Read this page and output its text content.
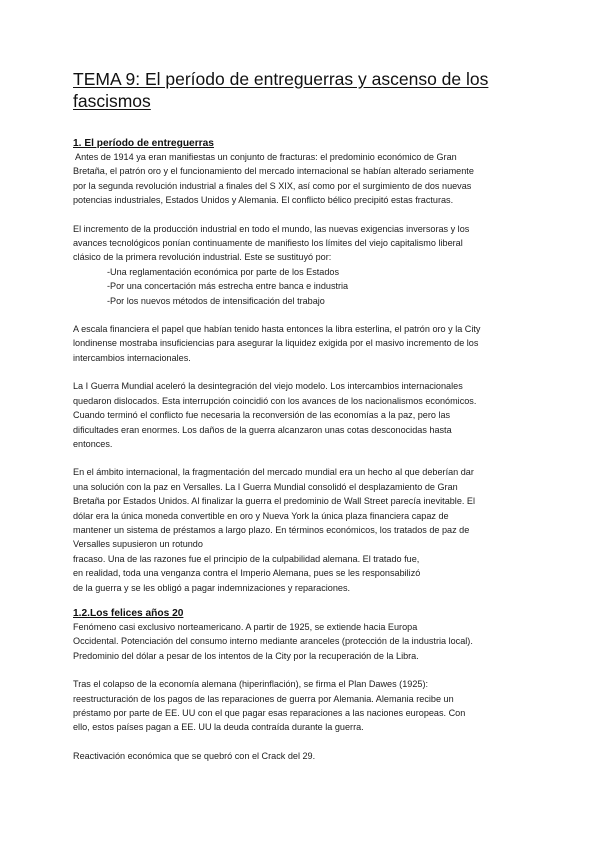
TEMA 9: El período de entreguerras y ascenso de los
fascismos
1. El período de entreguerras

Antes de 1914 ya eran manifiestas un conjunto de fracturas: el predominio económico de Gran
Bretaña, el patrón oro y el funcionamiento del mercado internacional se habían alterado seriamente
por la segunda revolución industrial a finales del S XIX, así como por el surgimiento de dos nuevas
potencias industriales, Estados Unidos y Alemania. El conflicto bélico precipitó estas fracturas.

El incremento de la producción industrial en todo el mundo, las nuevas exigencias inversoras y los
avances tecnológicos ponían continuamente de manifiesto los límites del viejo capitalismo liberal
clásico de la primera revolución industrial. Este se sustituyó por:
-Una reglamentación económica por parte de los Estados
-Por una concertación más estrecha entre banca e industria
-Por los nuevos métodos de intensificación del trabajo

A escala financiera el papel que habían tenido hasta entonces la libra esterlina, el patrón oro y la City
londinense mostraba insuficiencias para asegurar la liquidez exigida por el masivo incremento de los
intercambios internacionales.

La I Guerra Mundial aceleró la desintegración del viejo modelo. Los intercambios internacionales
quedaron dislocados. Esta interrupción coincidió con los avances de los nacionalismos económicos.
Cuando terminó el conflicto fue necesaria la reconversión de las economías a la paz, pero las
dificultades eran enormes. Los daños de la guerra alcanzaron unas cotas desconocidas hasta
entonces.

En el ámbito internacional, la fragmentación del mercado mundial era un hecho al que deberían dar
una solución con la paz en Versalles. La I Guerra Mundial consolidó el desplazamiento de Gran
Bretaña por Estados Unidos. Al finalizar la guerra el predominio de Wall Street parecía inevitable. El
dólar era la única moneda convertible en oro y Nueva York la única plaza financiera capaz de
mantener un sistema de préstamos a largo plazo. En términos económicos, los tratados de paz de
Versalles supusieron un rotundo
fracaso. Una de las razones fue el principio de la culpabilidad alemana. El tratado fue,
en realidad, toda una venganza contra el Imperio Alemana, pues se les responsabilizó
de la guerra y se les obligó a pagar indemnizaciones y reparaciones.

1.2.Los felices años 20

Fenómeno casi exclusivo norteamericano. A partir de 1925, se extiende hacia Europa
Occidental. Potenciación del consumo interno mediante aranceles (protección de la industria local).
Predominio del dólar a pesar de los intentos de la City por la recuperación de la Libra.

Tras el colapso de la economía alemana (hiperinflación), se firma el Plan Dawes (1925):
reestructuración de los pagos de las reparaciones de guerra por Alemania. Alemania recibe un
préstamo por parte de EE. UU con el que pagar esas reparaciones a las naciones europeas. Con
ello, estos países pagan a EE. UU la deuda contraída durante la guerra.

Reactivación económica que se quebró con el Crack del 29.
